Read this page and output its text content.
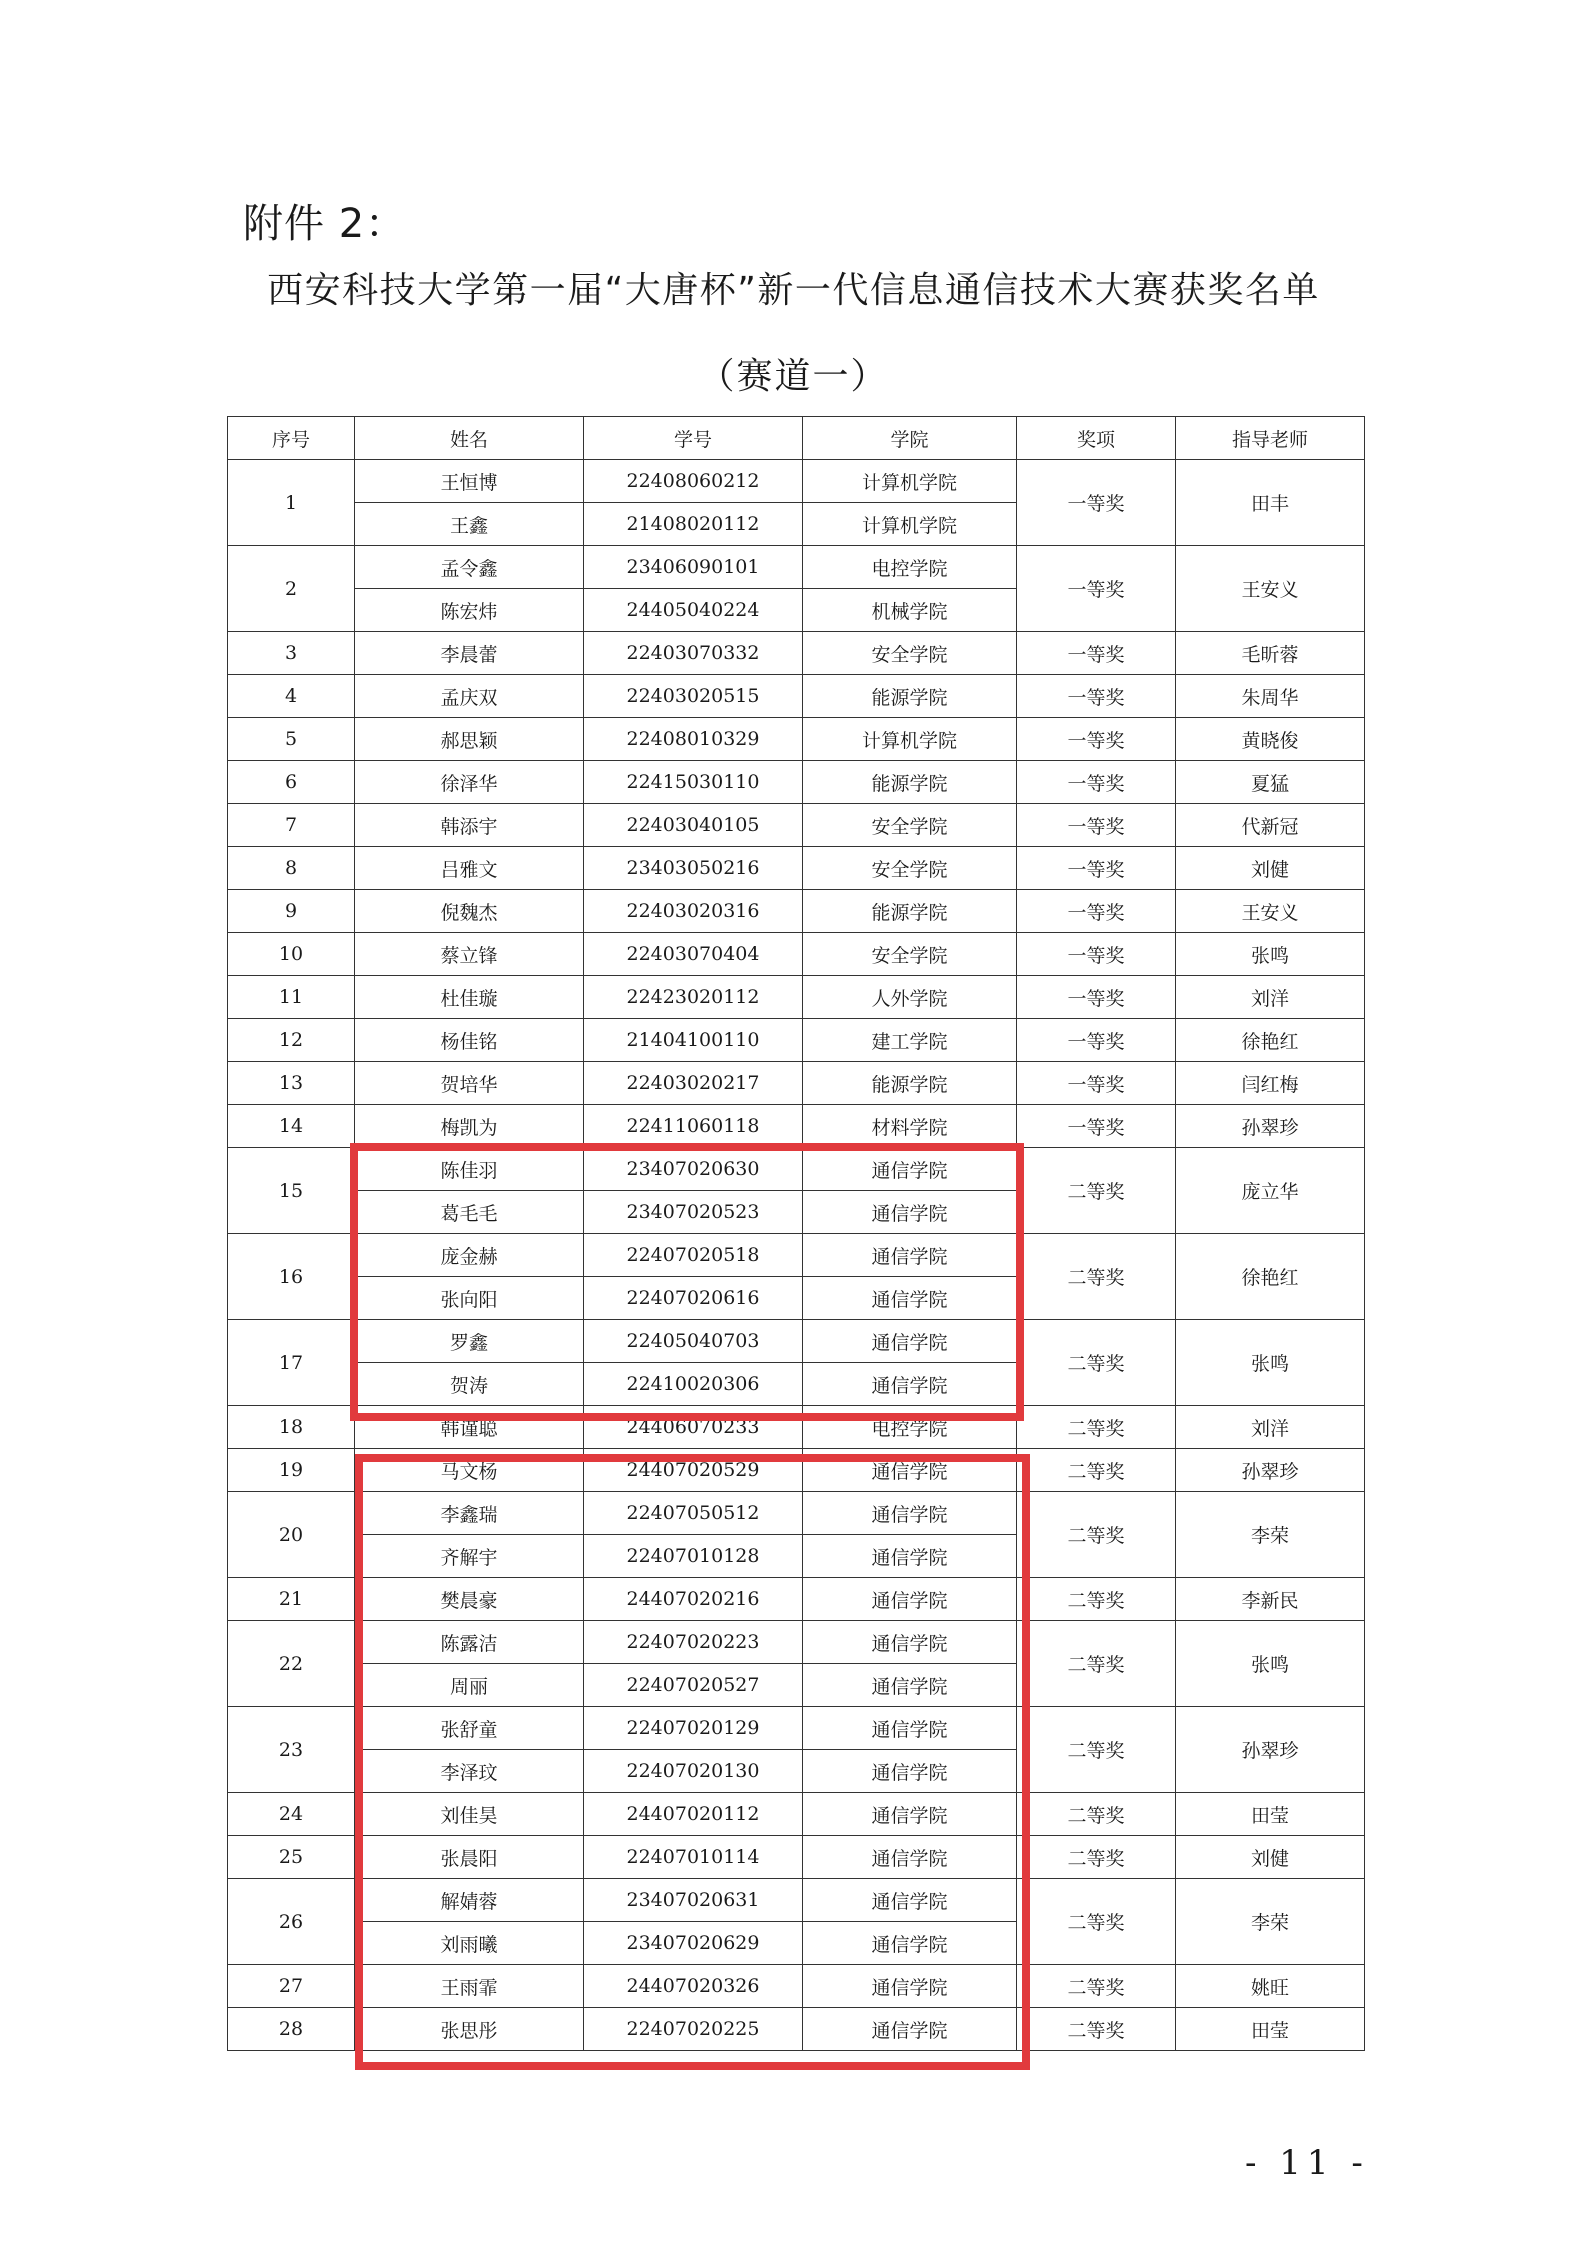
附件 2：
西安科技大学第一届“大唐杯”新一代信息通信技术大赛获奖名单
（赛道一）
序号	姓名	学号	学院	奖项	指导老师
1	王恒博	22408060212	计算机学院	一等奖	田丰
	王鑫	21408020112	计算机学院		
2	孟令鑫	23406090101	电控学院	一等奖	王安义
	陈宏炜	24405040224	机械学院		
3	李晨蕾	22403070332	安全学院	一等奖	毛昕蓉
4	孟庆双	22403020515	能源学院	一等奖	朱周华
5	郝思颖	22408010329	计算机学院	一等奖	黄晓俊
6	徐泽华	22415030110	能源学院	一等奖	夏猛
7	韩添宇	22403040105	安全学院	一等奖	代新冠
8	吕雅文	23403050216	安全学院	一等奖	刘健
9	倪魏杰	22403020316	能源学院	一等奖	王安义
10	蔡立锋	22403070404	安全学院	一等奖	张鸣
11	杜佳璇	22423020112	人外学院	一等奖	刘洋
12	杨佳铭	21404100110	建工学院	一等奖	徐艳红
13	贺培华	22403020217	能源学院	一等奖	闫红梅
14	梅凯为	22411060118	材料学院	一等奖	孙翠珍
15	陈佳羽	23407020630	通信学院	二等奖	庞立华
	葛毛毛	23407020523	通信学院		
16	庞金赫	22407020518	通信学院	二等奖	徐艳红
	张向阳	22407020616	通信学院		
17	罗鑫	22405040703	通信学院	二等奖	张鸣
	贺涛	22410020306	通信学院		
18	韩谨聪	24406070233	电控学院	二等奖	刘洋
19	马文杨	24407020529	通信学院	二等奖	孙翠珍
20	李鑫瑞	22407050512	通信学院	二等奖	李荣
	齐解宇	22407010128	通信学院		
21	樊晨豪	24407020216	通信学院	二等奖	李新民
22	陈露洁	22407020223	通信学院	二等奖	张鸣
	周丽	22407020527	通信学院		
23	张舒童	22407020129	通信学院	二等奖	孙翠珍
	李泽玟	22407020130	通信学院		
24	刘佳昊	24407020112	通信学院	二等奖	田莹
25	张晨阳	22407010114	通信学院	二等奖	刘健
26	解婧蓉	23407020631	通信学院	二等奖	李荣
	刘雨曦	23407020629	通信学院		
27	王雨霏	24407020326	通信学院	二等奖	姚旺
28	张思彤	22407020225	通信学院	二等奖	田莹
- 11 -
